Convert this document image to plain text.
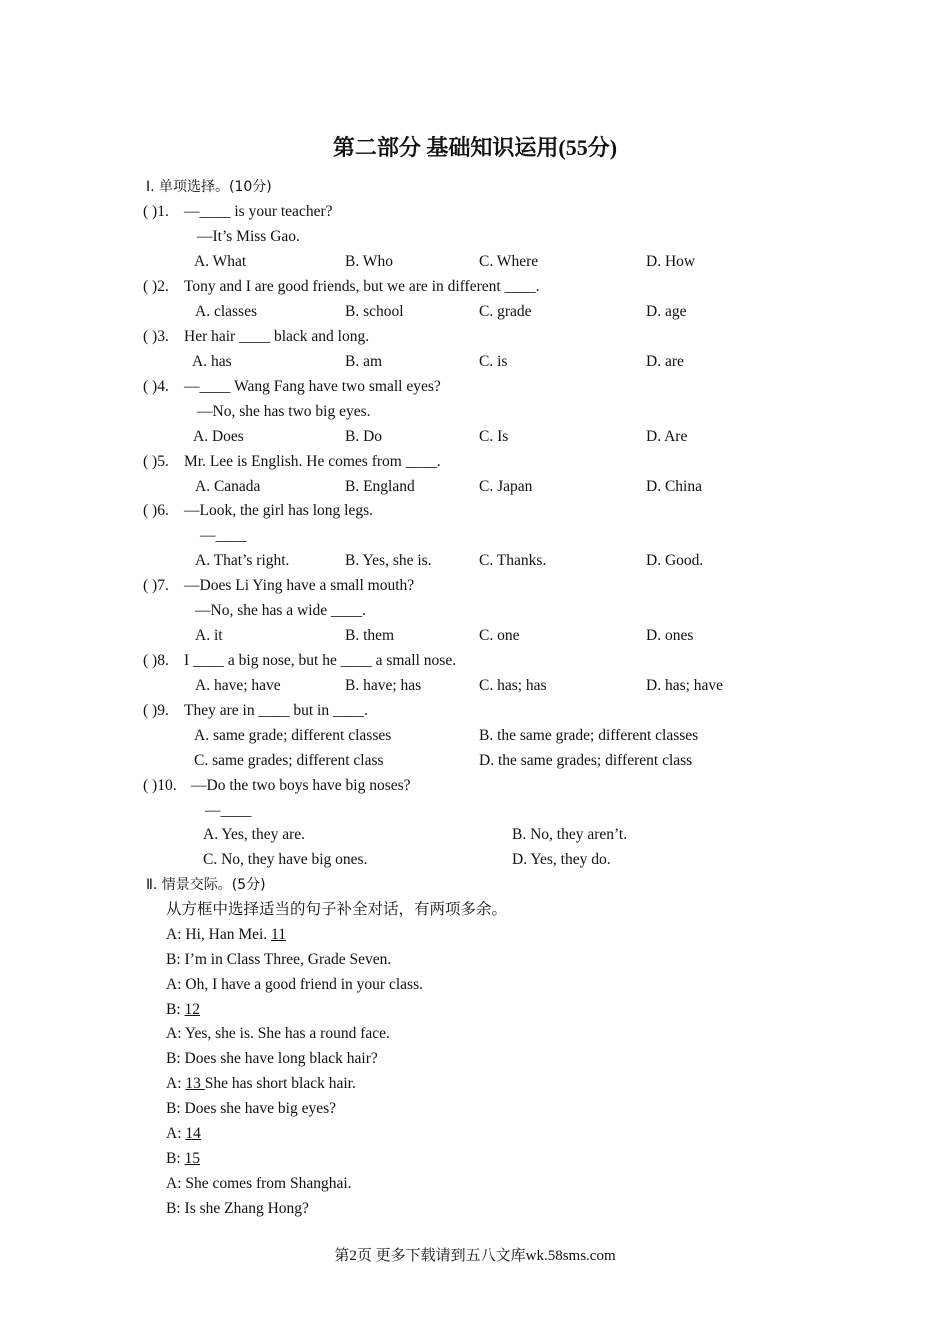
第二部分 基础知识运用(55分)
Ⅰ. 单项选择。(10分)
( )1. —____ is your teacher?
—It’s Miss Gao.
A. What	B. Who	C. Where	D. How
( )2. Tony and I are good friends, but we are in different ____.
A. classes	B. school	C. grade	D. age
( )3. Her hair ____ black and long.
A. has	B. am	C. is	D. are
( )4. —____ Wang Fang have two small eyes?
—No, she has two big eyes.
A. Does	B. Do	C. Is	D. Are
( )5. Mr. Lee is English. He comes from ____.
A. Canada	B. England	C. Japan	D. China
( )6. —Look, the girl has long legs.
—____
A. That’s right.	B. Yes, she is.	C. Thanks.	D. Good.
( )7. —Does Li Ying have a small mouth?
—No, she has a wide ____.
A. it	B. them	C. one	D. ones
( )8. I ____ a big nose, but he ____ a small nose.
A. have; have	B. have; has	C. has; has	D. has; have
( )9. They are in ____ but in ____.
A. same grade; different classes	B. the same grade; different classes
C. same grades; different class	D. the same grades; different class
( )10. —Do the two boys have big noses?
—____
A. Yes, they are.	B. No, they aren’t.
C. No, they have big ones.	D. Yes, they do.
Ⅱ. 情景交际。(5分)
从方框中选择适当的句子补全对话，有两项多余。
A: Hi, Han Mei. 11
B: I’m in Class Three, Grade Seven.
A: Oh, I have a good friend in your class.
B: 12
A: Yes, she is. She has a round face.
B: Does she have long black hair?
A: 13 She has short black hair.
B: Does she have big eyes?
A: 14
B: 15
A: She comes from Shanghai.
B: Is she Zhang Hong?
第2页 更多下载请到五八文库wk.58sms.com
